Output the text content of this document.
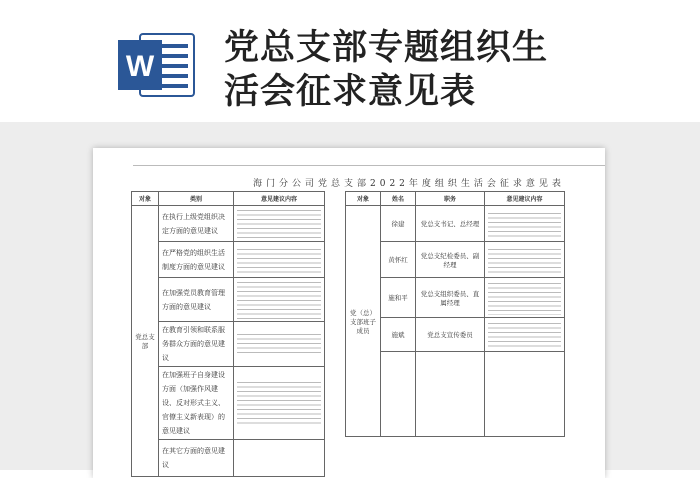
W 党总支部专题组织生
活会征求意见表
海门分公司党总支部2022年度组织生活会征求意见表
对象	类别	意见建议内容
党总支部	在执行上级党组织决定方面的意见建议	

	在严格党的组织生活制度方面的意见建议	

	在加强党员教育管理方面的意见建议	

	在教育引领和联系服务群众方面的意见建议	

	在加强班子自身建设方面（加强作风建设、反对形式主义、官僚主义新表现）的意见建议	

	在其它方面的意见建议	
对象	姓名	职务	意见建议内容
党（总）支部班子成员	徐建	党总支书记、总经理	

	黄怀红	党总支纪检委员、副经理	

	施和平	党总支组织委员、直属经理	

	施斌	党总支宣传委员	
